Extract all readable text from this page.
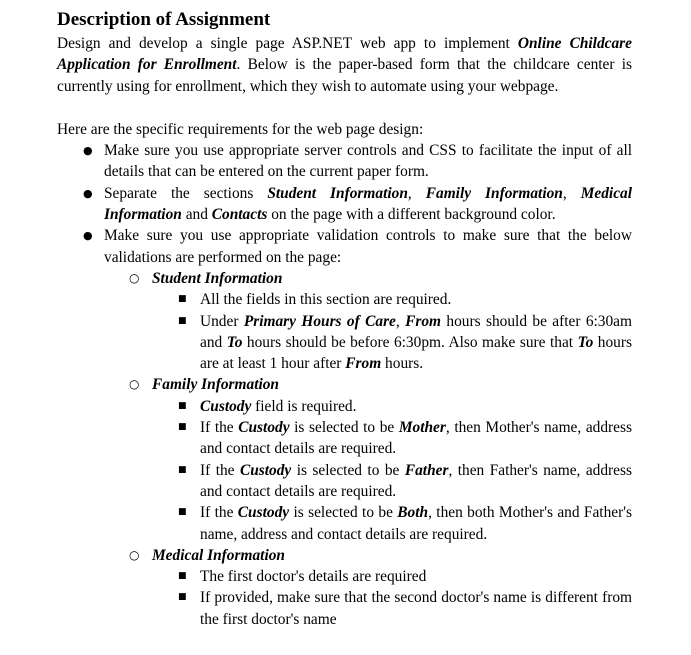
Description of Assignment

Design and develop a single page ASP.NET web app to implement Online Childcare Application for Enrollment. Below is the paper-based form that the childcare center is currently using for enrollment, which they wish to automate using your webpage.

Here are the specific requirements for the web page design:

● Make sure you use appropriate server controls and CSS to facilitate the input of all details that can be entered on the current paper form.
● Separate the sections Student Information, Family Information, Medical Information and Contacts on the page with a different background color.
● Make sure you use appropriate validation controls to make sure that the below validations are performed on the page:
○ Student Information
■ All the fields in this section are required.
■ Under Primary Hours of Care, From hours should be after 6:30am and To hours should be before 6:30pm. Also make sure that To hours are at least 1 hour after From hours.
○ Family Information
■ Custody field is required.
■ If the Custody is selected to be Mother, then Mother's name, address and contact details are required.
■ If the Custody is selected to be Father, then Father's name, address and contact details are required.
■ If the Custody is selected to be Both, then both Mother's and Father's name, address and contact details are required.
○ Medical Information
■ The first doctor's details are required
■ If provided, make sure that the second doctor's name is different from the first doctor's name
